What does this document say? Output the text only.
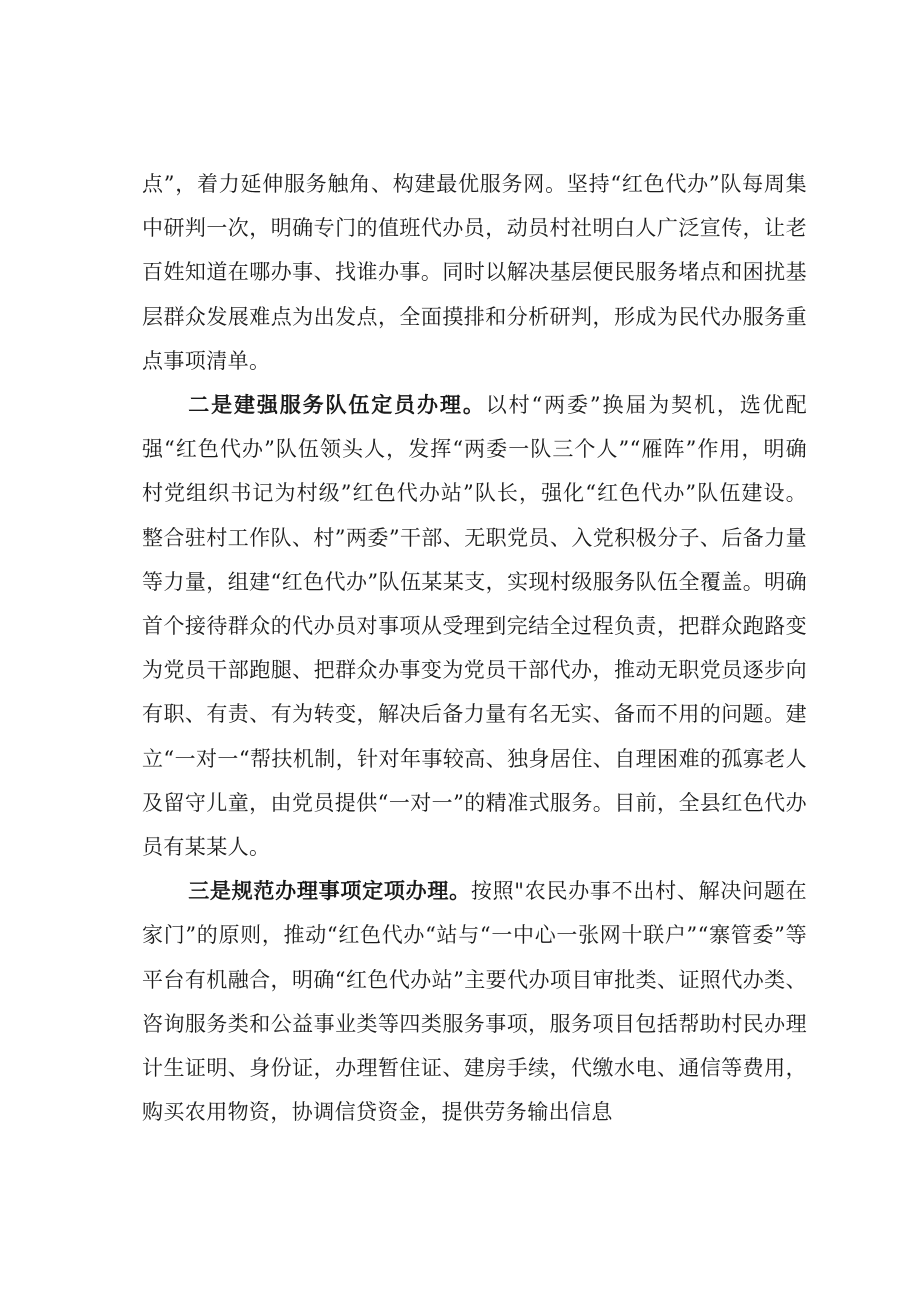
点”，着力延伸服务触角、构建最优服务网。坚持“红色代办”队每周集中研判一次，明确专门的值班代办员，动员村社明白人广泛宣传，让老百姓知道在哪办事、找谁办事。同时以解决基层便民服务堵点和困扰基层群众发展难点为出发点，全面摸排和分析研判，形成为民代办服务重点事项清单。

二是建强服务队伍定员办理。以村“两委”换届为契机，选优配强“红色代办”队伍领头人，发挥“两委一队三个人”“雁阵”作用，明确村党组织书记为村级”红色代办站”队长，强化“红色代办”队伍建设。整合驻村工作队、村”两委”干部、无职党员、入党积极分子、后备力量等力量，组建“红色代办”队伍某某支，实现村级服务队伍全覆盖。明确首个接待群众的代办员对事项从受理到完结全过程负责，把群众跑路变为党员干部跑腿、把群众办事变为党员干部代办，推动无职党员逐步向有职、有责、有为转变，解决后备力量有名无实、备而不用的问题。建立“一对一“帮扶机制，针对年事较高、独身居住、自理困难的孤寡老人及留守儿童，由党员提供“一对一”的精准式服务。目前，全县红色代办员有某某人。

三是规范办理事项定项办理。按照"农民办事不出村、解决问题在家门”的原则，推动“红色代办“站与“一中心一张网十联户”“寨管委”等平台有机融合，明确“红色代办站”主要代办项目审批类、证照代办类、咨询服务类和公益事业类等四类服务事项，服务项目包括帮助村民办理计生证明、身份证，办理暂住证、建房手续，代缴水电、通信等费用，购买农用物资，协调信贷资金，提供劳务输出信息
